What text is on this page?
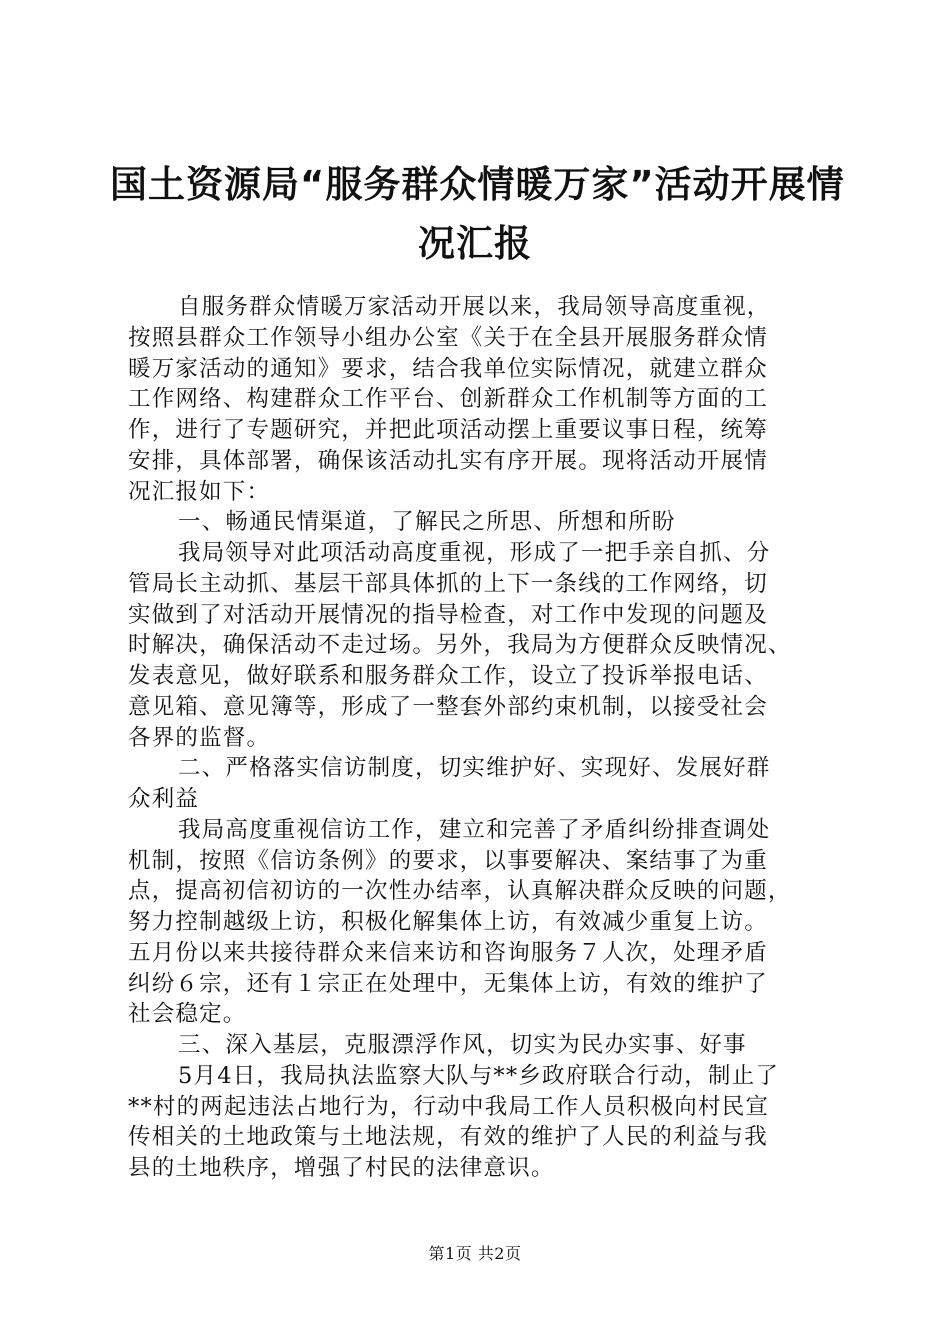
国土资源局“服务群众情暖万家”活动开展情
况汇报
自服务群众情暖万家活动开展以来，我局领导高度重视，
按照县群众工作领导小组办公室《关于在全县开展服务群众情
暖万家活动的通知》要求，结合我单位实际情况，就建立群众
工作网络、构建群众工作平台、创新群众工作机制等方面的工
作，进行了专题研究，并把此项活动摆上重要议事日程，统筹
安排，具体部署，确保该活动扎实有序开展。现将活动开展情
况汇报如下：
一、畅通民情渠道，了解民之所思、所想和所盼
我局领导对此项活动高度重视，形成了一把手亲自抓、分
管局长主动抓、基层干部具体抓的上下一条线的工作网络，切
实做到了对活动开展情况的指导检查，对工作中发现的问题及
时解决，确保活动不走过场。另外，我局为方便群众反映情况、
发表意见，做好联系和服务群众工作，设立了投诉举报电话、
意见箱、意见簿等，形成了一整套外部约束机制，以接受社会
各界的监督。
二、严格落实信访制度，切实维护好、实现好、发展好群
众利益
我局高度重视信访工作，建立和完善了矛盾纠纷排查调处
机制，按照《信访条例》的要求，以事要解决、案结事了为重
点，提高初信初访的一次性办结率，认真解决群众反映的问题，
努力控制越级上访，积极化解集体上访，有效减少重复上访。
五月份以来共接待群众来信来访和咨询服务７人次，处理矛盾
纠纷６宗，还有１宗正在处理中，无集体上访，有效的维护了
社会稳定。
三、深入基层，克服漂浮作风，切实为民办实事、好事
5月4日，我局执法监察大队与**乡政府联合行动，制止了
**村的两起违法占地行为，行动中我局工作人员积极向村民宣
传相关的土地政策与土地法规，有效的维护了人民的利益与我
县的土地秩序，增强了村民的法律意识。
第1页 共2页
